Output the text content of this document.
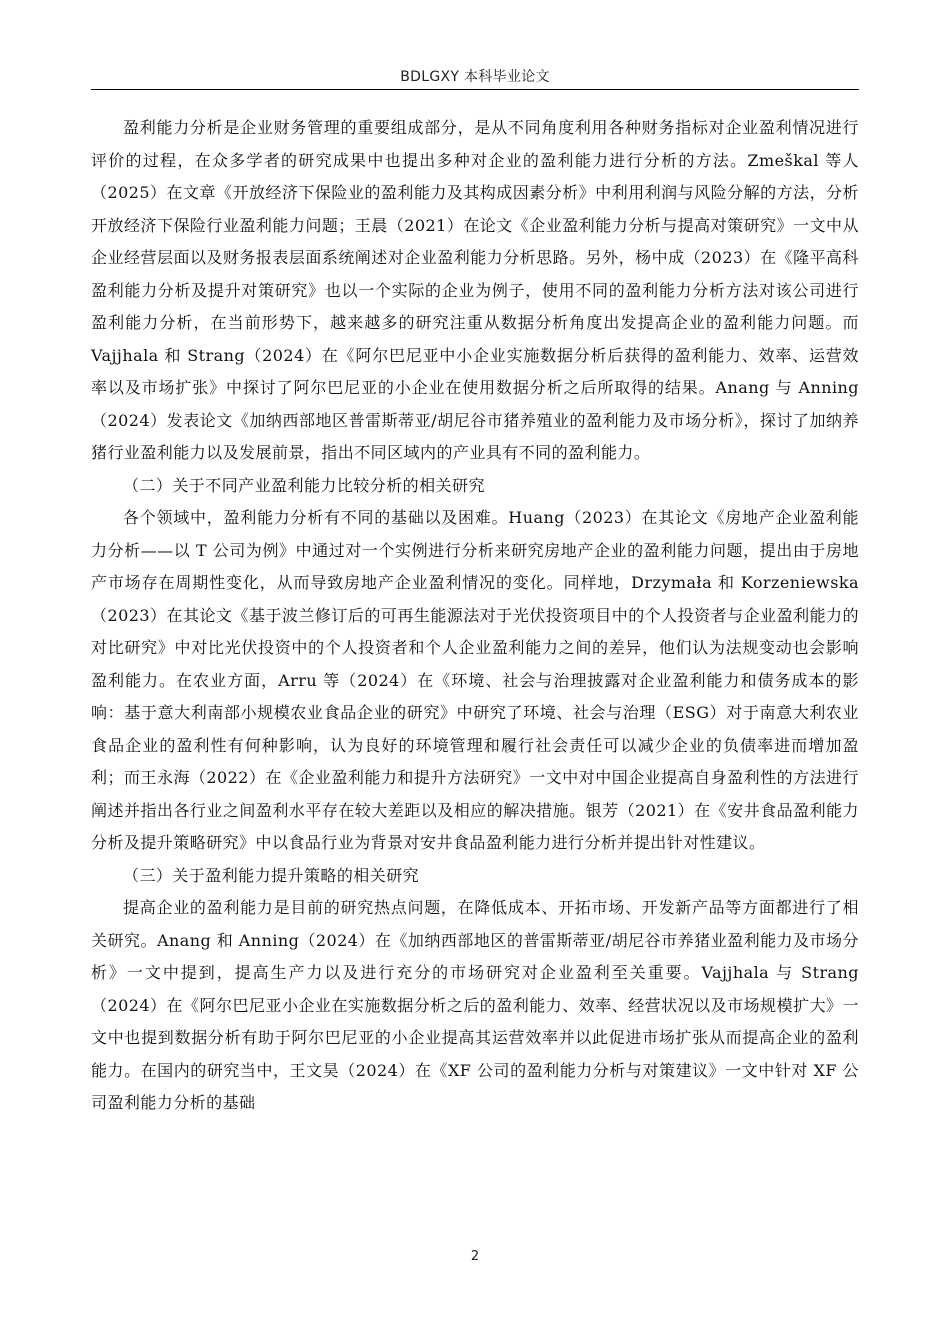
BDLGXY 本科毕业论文

盈利能力分析是企业财务管理的重要组成部分，是从不同角度利用各种财务指标对企业盈利情况进行评价的过程，在众多学者的研究成果中也提出多种对企业的盈利能力进行分析的方法。Zmeškal 等人（2025）在文章《开放经济下保险业的盈利能力及其构成因素分析》中利用利润与风险分解的方法，分析开放经济下保险行业盈利能力问题；王晨（2021）在论文《企业盈利能力分析与提高对策研究》一文中从企业经营层面以及财务报表层面系统阐述对企业盈利能力分析思路。另外，杨中成（2023）在《隆平高科盈利能力分析及提升对策研究》也以一个实际的企业为例子，使用不同的盈利能力分析方法对该公司进行盈利能力分析，在当前形势下，越来越多的研究注重从数据分析角度出发提高企业的盈利能力问题。而 Vajjhala 和 Strang（2024）在《阿尔巴尼亚中小企业实施数据分析后获得的盈利能力、效率、运营效率以及市场扩张》中探讨了阿尔巴尼亚的小企业在使用数据分析之后所取得的结果。Anang 与 Anning（2024）发表论文《加纳西部地区普雷斯蒂亚/胡尼谷市猪养殖业的盈利能力及市场分析》，探讨了加纳养猪行业盈利能力以及发展前景，指出不同区域内的产业具有不同的盈利能力。

（二）关于不同产业盈利能力比较分析的相关研究

各个领域中，盈利能力分析有不同的基础以及困难。Huang（2023）在其论文《房地产企业盈利能力分析——以 T 公司为例》中通过对一个实例进行分析来研究房地产企业的盈利能力问题，提出由于房地产市场存在周期性变化，从而导致房地产企业盈利情况的变化。同样地，Drzymała 和 Korzeniewska （2023）在其论文《基于波兰修订后的可再生能源法对于光伏投资项目中的个人投资者与企业盈利能力的对比研究》中对比光伏投资中的个人投资者和个人企业盈利能力之间的差异，他们认为法规变动也会影响盈利能力。在农业方面，Arru 等（2024）在《环境、社会与治理披露对企业盈利能力和债务成本的影响：基于意大利南部小规模农业食品企业的研究》中研究了环境、社会与治理（ESG）对于南意大利农业食品企业的盈利性有何种影响，认为良好的环境管理和履行社会责任可以减少企业的负债率进而增加盈利；而王永海（2022）在《企业盈利能力和提升方法研究》一文中对中国企业提高自身盈利性的方法进行阐述并指出各行业之间盈利水平存在较大差距以及相应的解决措施。银芳（2021）在《安井食品盈利能力分析及提升策略研究》中以食品行业为背景对安井食品盈利能力进行分析并提出针对性建议。

（三）关于盈利能力提升策略的相关研究

提高企业的盈利能力是目前的研究热点问题，在降低成本、开拓市场、开发新产品等方面都进行了相关研究。Anang 和 Anning（2024）在《加纳西部地区的普雷斯蒂亚/胡尼谷市养猪业盈利能力及市场分析》一文中提到，提高生产力以及进行充分的市场研究对企业盈利至关重要。Vajjhala 与 Strang（2024）在《阿尔巴尼亚小企业在实施数据分析之后的盈利能力、效率、经营状况以及市场规模扩大》一文中也提到数据分析有助于阿尔巴尼亚的小企业提高其运营效率并以此促进市场扩张从而提高企业的盈利能力。在国内的研究当中，王文昊（2024）在《XF 公司的盈利能力分析与对策建议》一文中针对 XF 公司盈利能力分析的基础

2
